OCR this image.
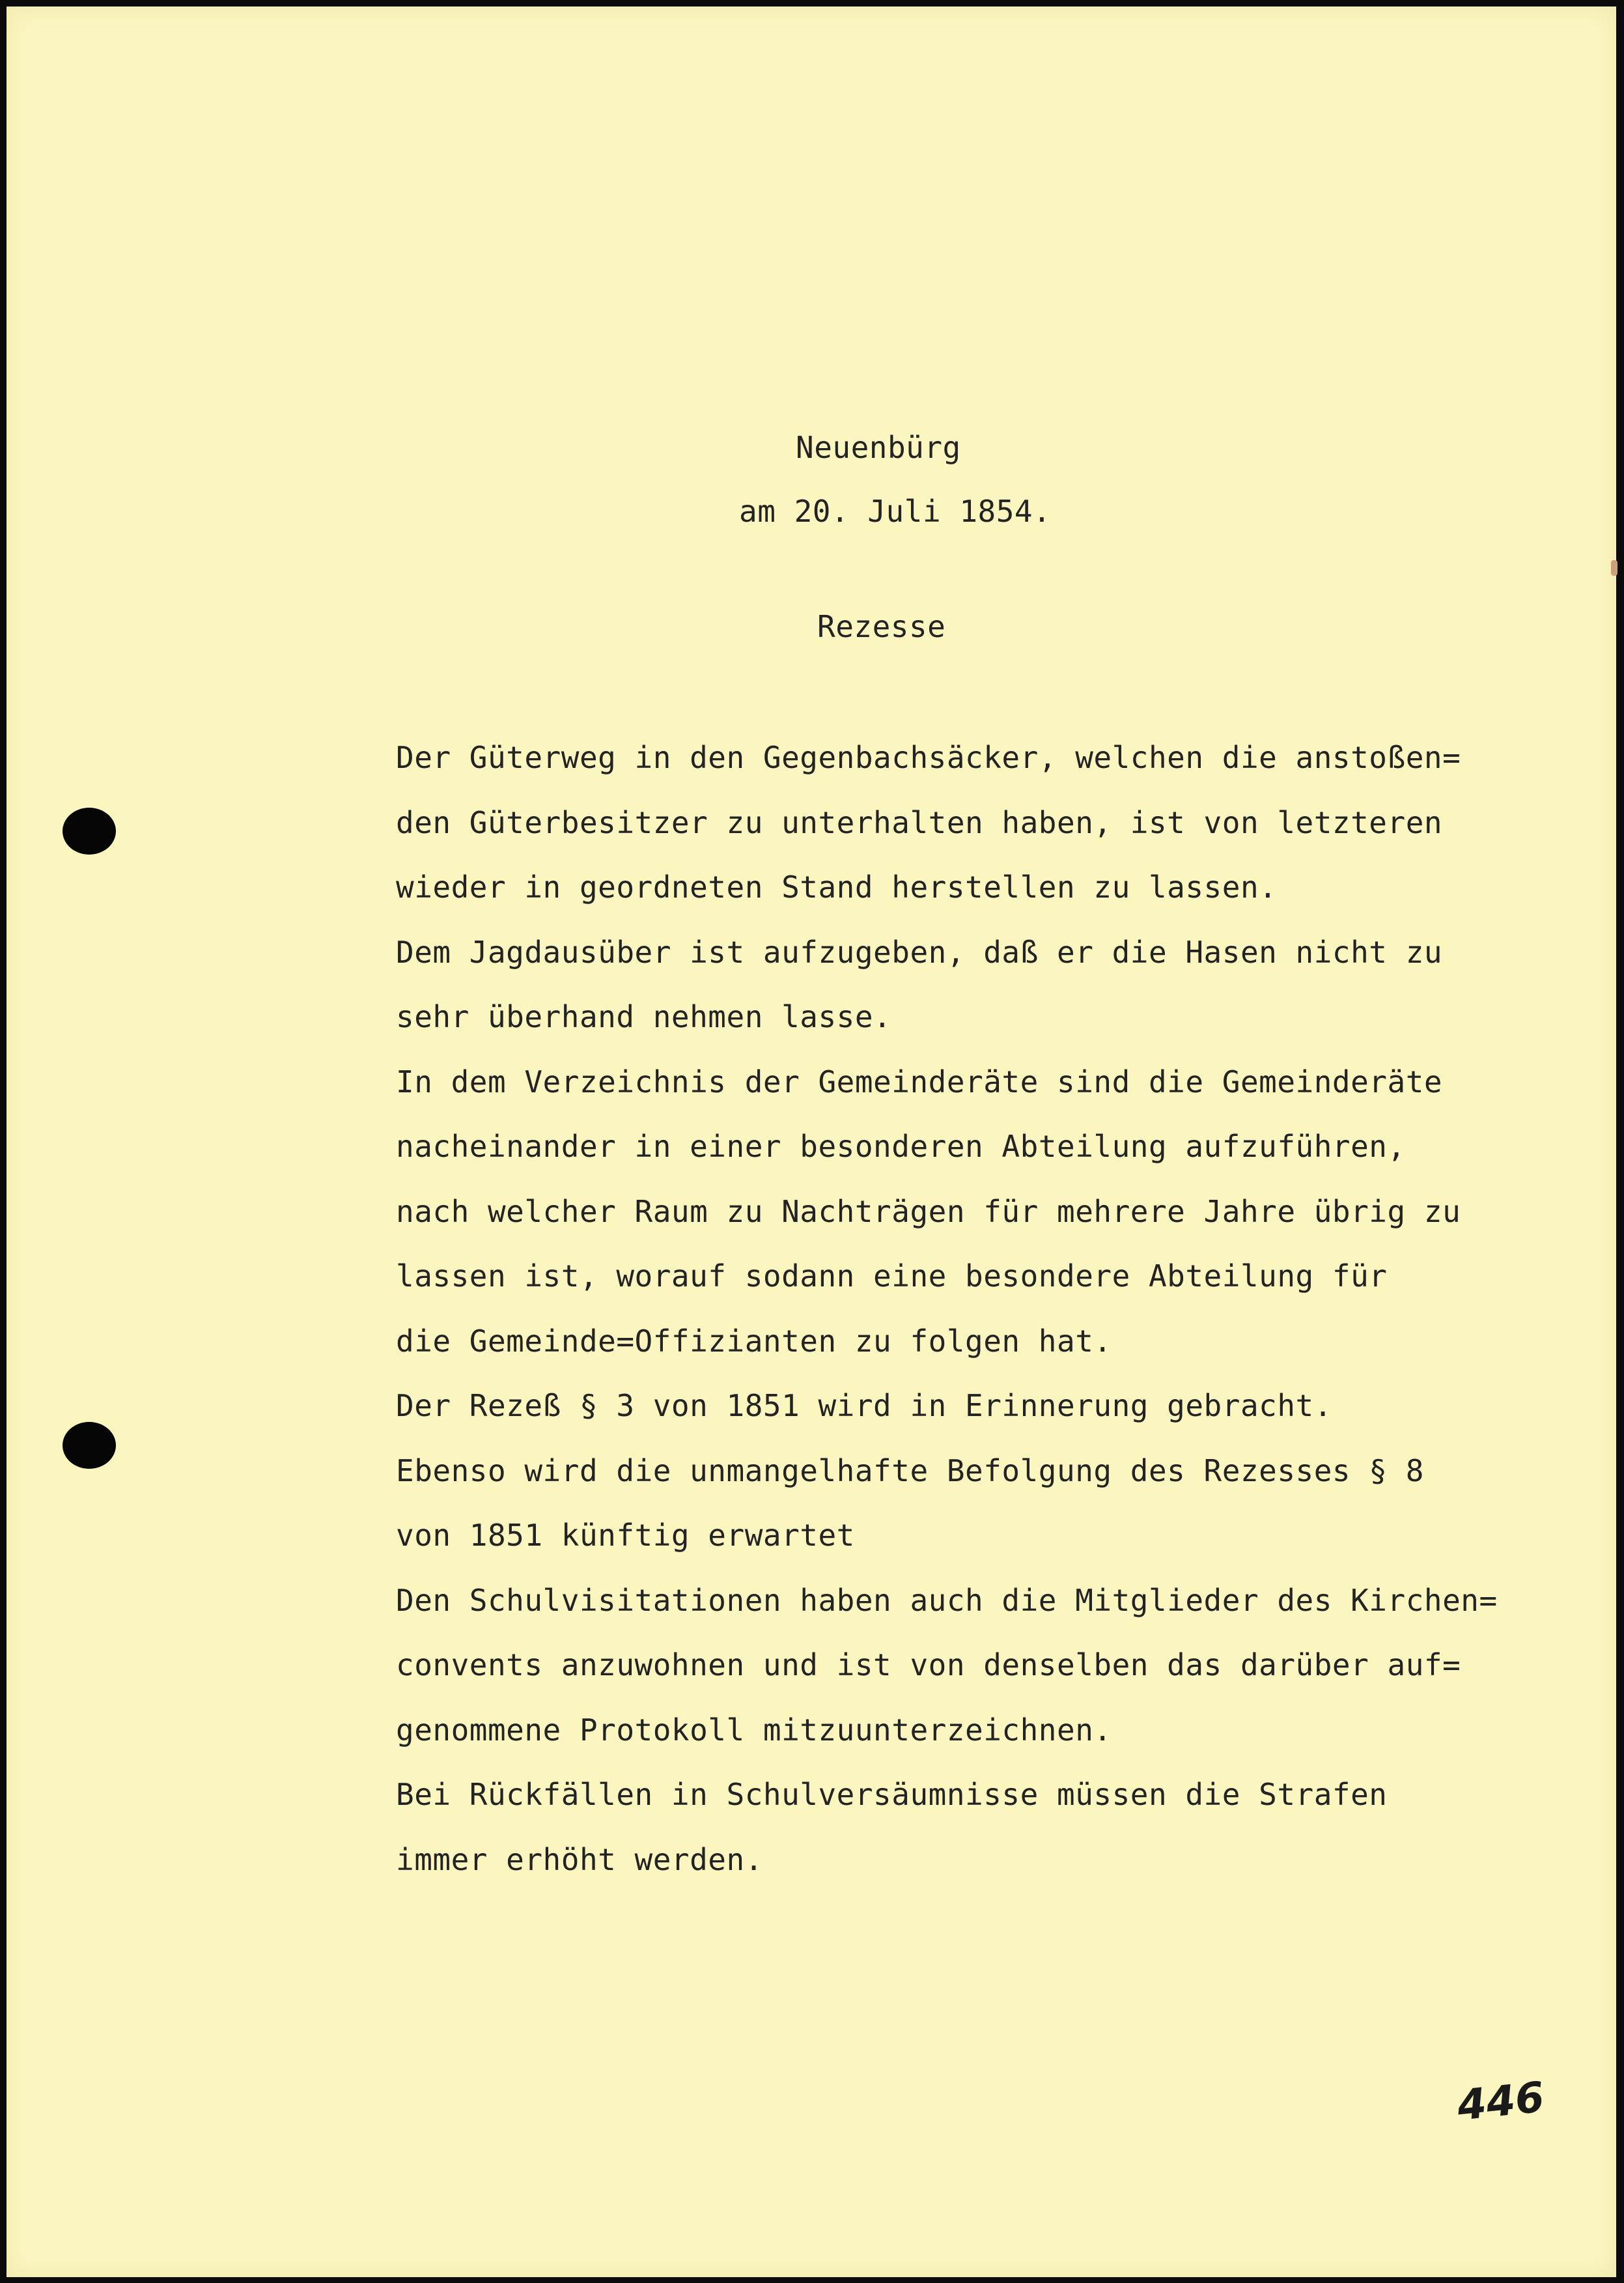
Neuenbürg
am 20. Juli 1854.
Rezesse
Der Güterweg in den Gegenbachsäcker, welchen die anstoßen=
den Güterbesitzer zu unterhalten haben, ist von letzteren
wieder in geordneten Stand herstellen zu lassen.
Dem Jagdausüber ist aufzugeben, daß er die Hasen nicht zu
sehr überhand nehmen lasse.
In dem Verzeichnis der Gemeinderäte sind die Gemeinderäte
nacheinander in einer besonderen Abteilung aufzuführen,
nach welcher Raum zu Nachträgen für mehrere Jahre übrig zu
lassen ist, worauf sodann eine besondere Abteilung für
die Gemeinde=Offizianten zu folgen hat.
Der Rezeß § 3 von 1851 wird in Erinnerung gebracht.
Ebenso wird die unmangelhafte Befolgung des Rezesses § 8
von 1851 künftig erwartet
Den Schulvisitationen haben auch die Mitglieder des Kirchen=
convents anzuwohnen und ist von denselben das darüber auf=
genommene Protokoll mitzuunterzeichnen.
Bei Rückfällen in Schulversäumnisse müssen die Strafen
immer erhöht werden.
446
